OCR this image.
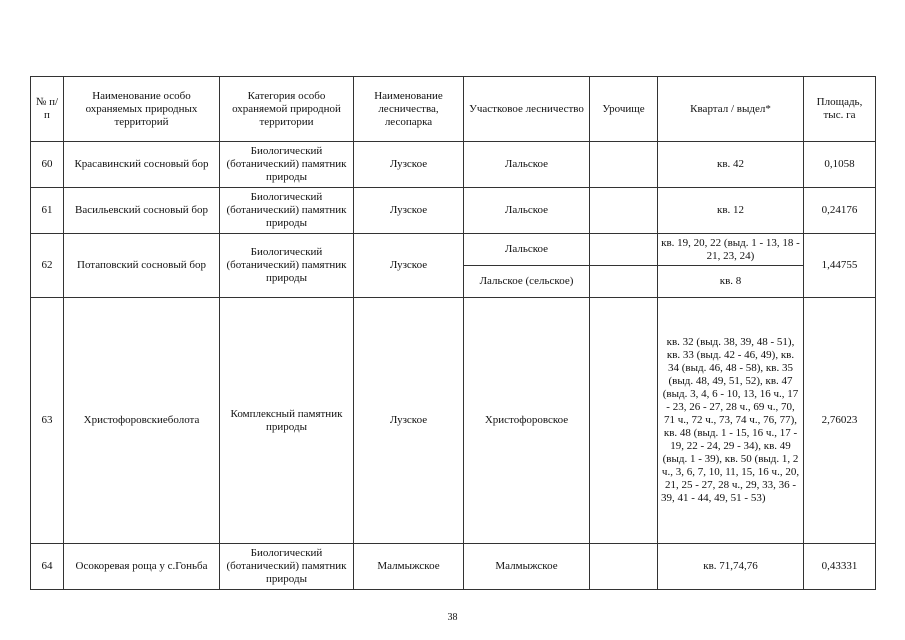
№ п/п	Наименование особо охраняемых природных территорий	Категория особо охраняемой природной территории	Наименование лесничества, лесопарка	Участковое лесничество	Урочище	Квартал / выдел*	Площадь, тыс. га
60	Красавинский сосновый бор	Биологический (ботанический) памятник природы	Лузское	Лальское		кв. 42	0,1058
61	Васильевский сосновый бор	Биологический (ботанический) памятник природы	Лузское	Лальское		кв. 12	0,24176
62	Потаповский сосновый бор	Биологический (ботанический) памятник природы	Лузское	Лальское		кв. 19, 20, 22 (выд. 1 - 13, 18 - 21, 23, 24)	1,44755
				Лальское (сельское)		кв. 8	
63	Христофоровскиеболота	Комплексный памятник природы	Лузское	Христофоровское		кв. 32 (выд. 38, 39, 48 - 51), кв. 33 (выд. 42 - 46, 49), кв. 34 (выд. 46, 48 - 58), кв. 35 (выд. 48, 49, 51, 52), кв. 47 (выд. 3, 4, 6 - 10, 13, 16 ч., 17 - 23, 26 - 27, 28 ч., 69 ч., 70, 71 ч., 72 ч., 73, 74 ч., 76, 77), кв. 48 (выд. 1 - 15, 16 ч., 17 - 19, 22 - 24, 29 - 34), кв. 49 (выд. 1 - 39), кв. 50 (выд. 1, 2 ч., 3, 6, 7, 10, 11, 15, 16 ч., 20, 21, 25 - 27, 28 ч., 29, 33, 36 - 39, 41 - 44, 49, 51 - 53)	2,76023
64	Осокоревая роща у с.Гоньба	Биологический (ботанический) памятник природы	Малмыжское	Малмыжское		кв. 71,74,76	0,43331
38
